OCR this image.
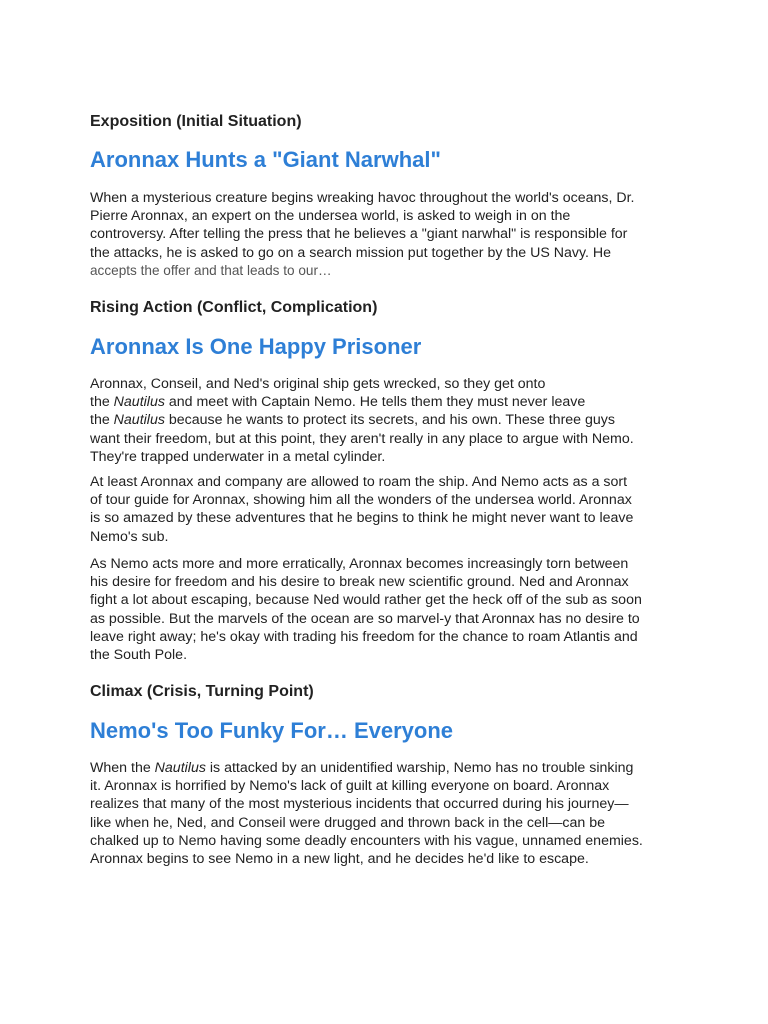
Exposition (Initial Situation)
Aronnax Hunts a "Giant Narwhal"
When a mysterious creature begins wreaking havoc throughout the world's oceans, Dr.
Pierre Aronnax, an expert on the undersea world, is asked to weigh in on the
controversy. After telling the press that he believes a "giant narwhal" is responsible for
the attacks, he is asked to go on a search mission put together by the US Navy. He
accepts the offer and that leads to our…
Rising Action (Conflict, Complication)
Aronnax Is One Happy Prisoner
Aronnax, Conseil, and Ned's original ship gets wrecked, so they get onto
the Nautilus and meet with Captain Nemo. He tells them they must never leave
the Nautilus because he wants to protect its secrets, and his own. These three guys
want their freedom, but at this point, they aren't really in any place to argue with Nemo.
They're trapped underwater in a metal cylinder.
At least Aronnax and company are allowed to roam the ship. And Nemo acts as a sort
of tour guide for Aronnax, showing him all the wonders of the undersea world. Aronnax
is so amazed by these adventures that he begins to think he might never want to leave
Nemo's sub.
As Nemo acts more and more erratically, Aronnax becomes increasingly torn between
his desire for freedom and his desire to break new scientific ground. Ned and Aronnax
fight a lot about escaping, because Ned would rather get the heck off of the sub as soon
as possible. But the marvels of the ocean are so marvel-y that Aronnax has no desire to
leave right away; he's okay with trading his freedom for the chance to roam Atlantis and
the South Pole.
Climax (Crisis, Turning Point)
Nemo's Too Funky For… Everyone
When the Nautilus is attacked by an unidentified warship, Nemo has no trouble sinking
it. Aronnax is horrified by Nemo's lack of guilt at killing everyone on board. Aronnax
realizes that many of the most mysterious incidents that occurred during his journey—
like when he, Ned, and Conseil were drugged and thrown back in the cell—can be
chalked up to Nemo having some deadly encounters with his vague, unnamed enemies.
Aronnax begins to see Nemo in a new light, and he decides he'd like to escape.
